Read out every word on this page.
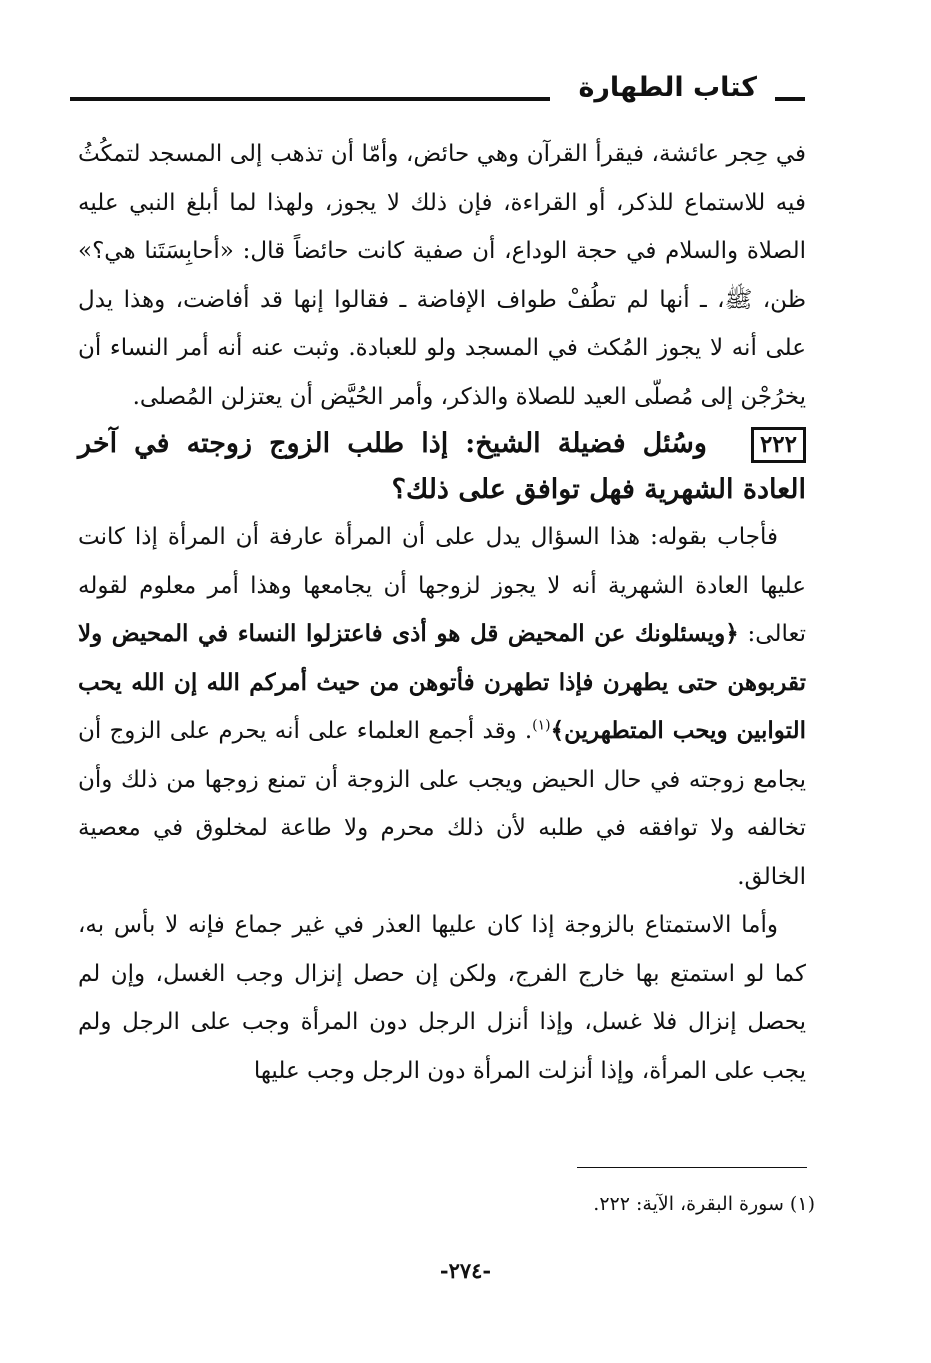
كتاب الطهارة

في حِجر عائشة، فيقرأ القرآن وهي حائض، وأمّا أن تذهب إلى المسجد لتمكُثُ فيه للاستماع للذكر، أو القراءة، فإن ذلك لا يجوز، ولهذا لما أبلغ النبي عليه الصلاة والسلام في حجة الوداع، أن صفية كانت حائضاً قال: «أحابِسَتَنا هي؟» ظن، ﷺ، ـ أنها لم تطُفْ طواف الإفاضة ـ فقالوا إنها قد أفاضت، وهذا يدل على أنه لا يجوز المُكث في المسجد ولو للعبادة. وثبت عنه أنه أمر النساء أن يخرُجْن إلى مُصلّى العيد للصلاة والذكر، وأمر الحُيَّض أن يعتزلن المُصلى.

٢٢٢وسُئل فضيلة الشيخ: إذا طلب الزوج زوجته في آخر العادة الشهرية فهل توافق على ذلك؟

فأجاب بقوله: هذا السؤال يدل على أن المرأة عارفة أن المرأة إذا كانت عليها العادة الشهرية أنه لا يجوز لزوجها أن يجامعها وهذا أمر معلوم لقوله تعالى: ﴿ويسئلونك عن المحيض قل هو أذى فاعتزلوا النساء في المحيض ولا تقربوهن حتى يطهرن فإذا تطهرن فأتوهن من حيث أمركم الله إن الله يحب التوابين ويحب المتطهرين﴾$^{(١)}$. وقد أجمع العلماء على أنه يحرم على الزوج أن يجامع زوجته في حال الحيض ويجب على الزوجة أن تمنع زوجها من ذلك وأن تخالفه ولا توافقه في طلبه لأن ذلك محرم ولا طاعة لمخلوق في معصية الخالق.

وأما الاستمتاع بالزوجة إذا كان عليها العذر في غير جماع فإنه لا بأس به، كما لو استمتع بها خارج الفرج، ولكن إن حصل إنزال وجب الغسل، وإن لم يحصل إنزال فلا غسل، وإذا أنزل الرجل دون المرأة وجب على الرجل ولم يجب على المرأة، وإذا أنزلت المرأة دون الرجل وجب عليها

(١) سورة البقرة، الآية: ٢٢٢.
-٢٧٤-
